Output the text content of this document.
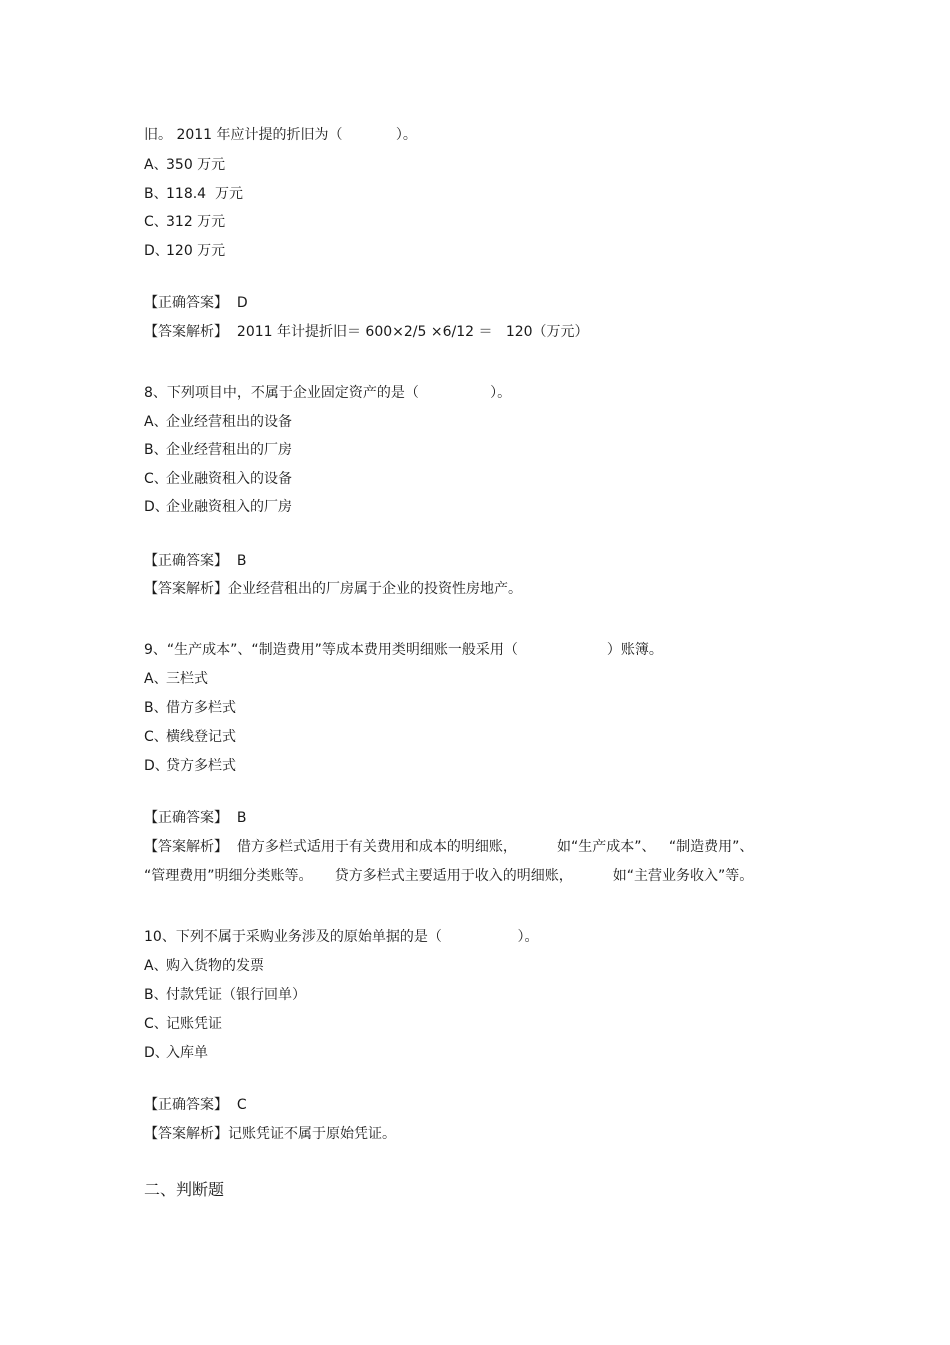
旧。 2011 年应计提的折旧为（            ）。
A、350 万元
B、118.4  万元
C、312 万元
D、120 万元
【正确答案】 D
【答案解析】 2011 年计提折旧＝ 600×2/5 ×6/12 ＝   120（万元）
8、下列项目中，不属于企业固定资产的是（                ）。
A、企业经营租出的设备
B、企业经营租出的厂房
C、企业融资租入的设备
D、企业融资租入的厂房
【正确答案】 B
【答案解析】企业经营租出的厂房属于企业的投资性房地产。
9、“生产成本”、“制造费用”等成本费用类明细账一般采用（                    ）账簿。
A、三栏式
B、借方多栏式
C、横线登记式
D、贷方多栏式
【正确答案】 B
【答案解析】 借方多栏式适用于有关费用和成本的明细账，         如“生产成本”、   “制造费用”、
“管理费用”明细分类账等。     贷方多栏式主要适用于收入的明细账，         如“主营业务收入”等。
10、下列不属于采购业务涉及的原始单据的是（                 ）。
A、购入货物的发票
B、付款凭证（银行回单）
C、记账凭证
D、入库单
【正确答案】 C
【答案解析】记账凭证不属于原始凭证。
二、判断题
